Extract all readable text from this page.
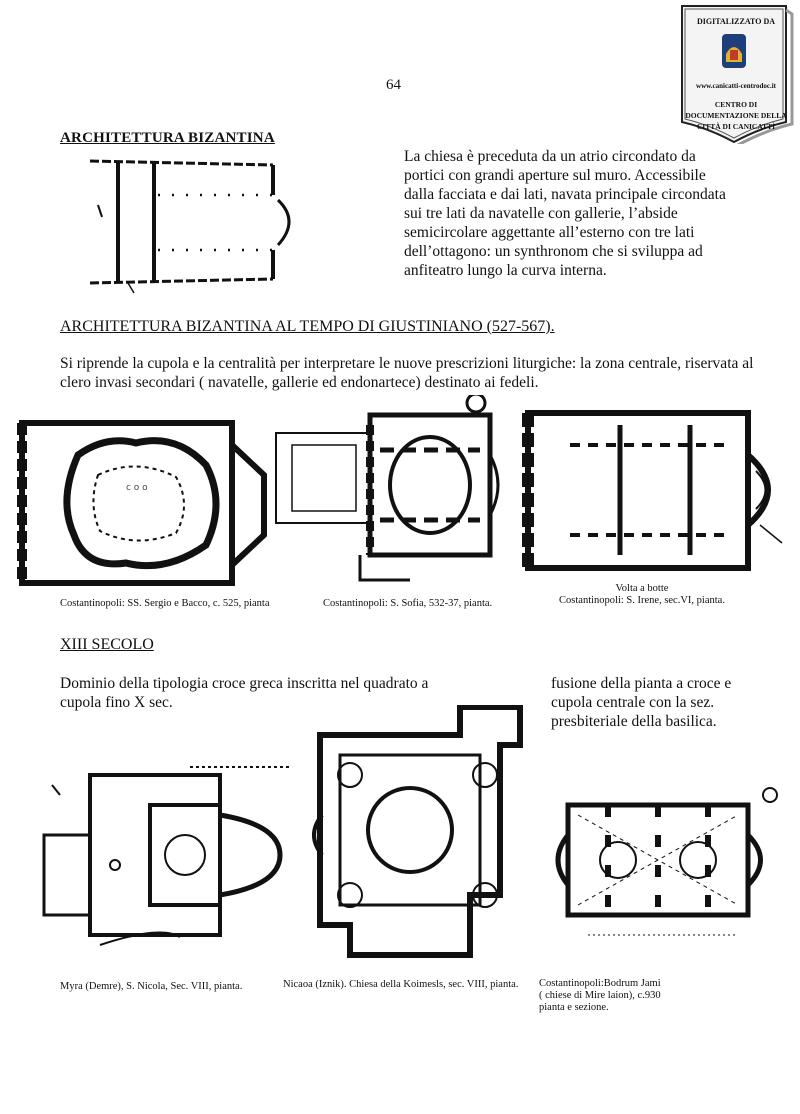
64
DIGITALIZZATO DA
www.canicatti-centrodoc.it
CENTRO DI DOCUMENTAZIONE DELLA CITTÀ DI CANICATTÌ
ARCHITETTURA BIZANTINA
La chiesa è preceduta da un atrio circondato da portici con grandi aperture sul muro. Accessibile dalla facciata e dai lati, navata principale circondata sui tre lati da navatelle con gallerie, l’abside semicircolare aggettante all’esterno con tre lati dell’ottagono: un synthronom che si sviluppa ad anfiteatro lungo la curva interna.
ARCHITETTURA BIZANTINA AL TEMPO DI GIUSTINIANO (527-567).
Si riprende la cupola e la centralità per interpretare le nuove prescrizioni liturgiche: la zona centrale, riservata al clero invasi secondari ( navatelle, gallerie ed endonartece) destinato ai fedeli.
c o o
Costantinopoli: SS. Sergio e Bacco, c. 525, pianta	Costantinopoli: S. Sofia, 532-37, pianta.
Volta a botte
Costantinopoli: S. Irene, sec.VI, pianta.
XIII SECOLO
Dominio della tipologia croce greca inscritta nel quadrato a cupola fino X sec.
fusione della pianta a croce e cupola centrale con la sez. presbiteriale della basilica.
Myra (Demre), S. Nicola, Sec. VIII, pianta.	Nicaoa (Iznik). Chiesa della Koimesls, sec. VIII, pianta. Costantinopoli:Bodrum Jami
( chiese di Mire laion), c.930
pianta e sezione.
